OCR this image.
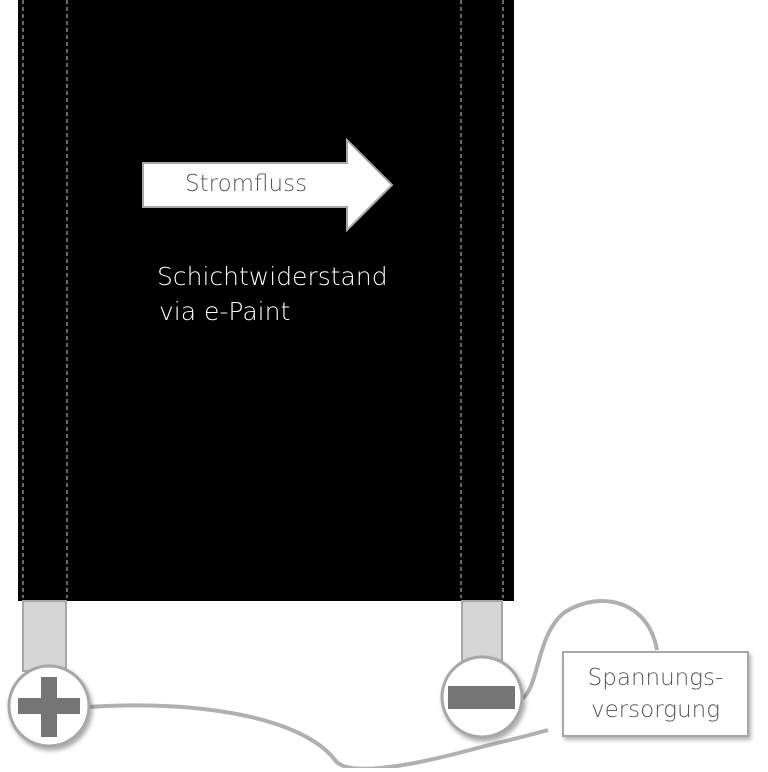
Stromfluss
Schichtwiderstand
via e-Paint
Spannungs-
versorgung
